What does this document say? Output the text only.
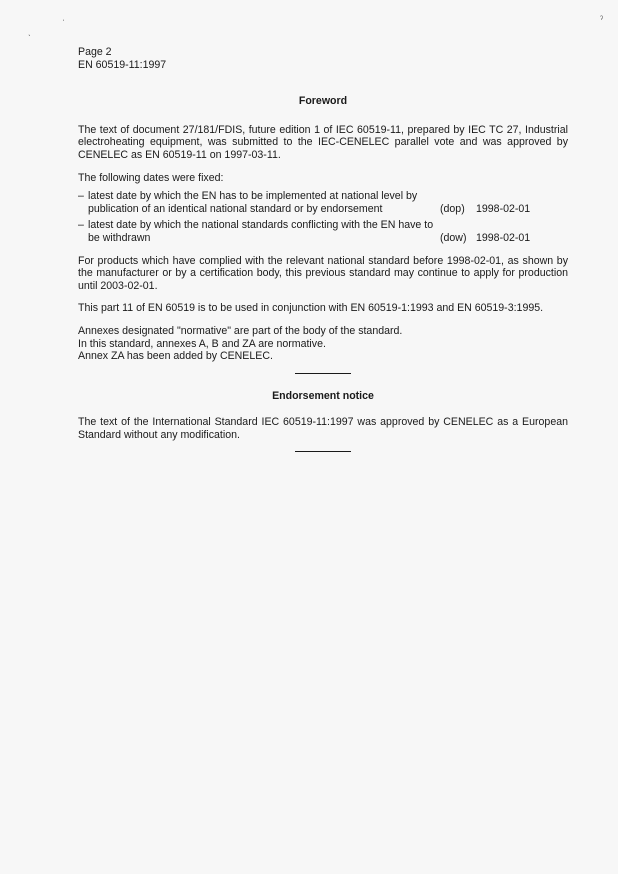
ˎ
ˈ	ˀ
Page 2
EN 60519-11:1997
Foreword

The text of document 27/181/FDIS, future edition 1 of IEC 60519-11, prepared by IEC TC 27, Industrial electroheating equipment, was submitted to the IEC-CENELEC parallel vote and was approved by CENELEC as EN 60519-11 on 1997-03-11.

The following dates were fixed:

– latest date by which the EN has to be implemented at national level by publication of an identical national standard or by endorsement	(dop)	1998-02-01
– latest date by which the national standards conflicting with the EN have to be withdrawn	(dow) 1998-02-01

For products which have complied with the relevant national standard before 1998-02-01, as shown by the manufacturer or by a certification body, this previous standard may continue to apply for production until 2003-02-01.

This part 11 of EN 60519 is to be used in conjunction with EN 60519-1:1993 and EN 60519-3:1995.

Annexes designated "normative" are part of the body of the standard.
In this standard, annexes A, B and ZA are normative.
Annex ZA has been added by CENELEC.

Endorsement notice

The text of the International Standard IEC 60519-11:1997 was approved by CENELEC as a European Standard without any modification.
